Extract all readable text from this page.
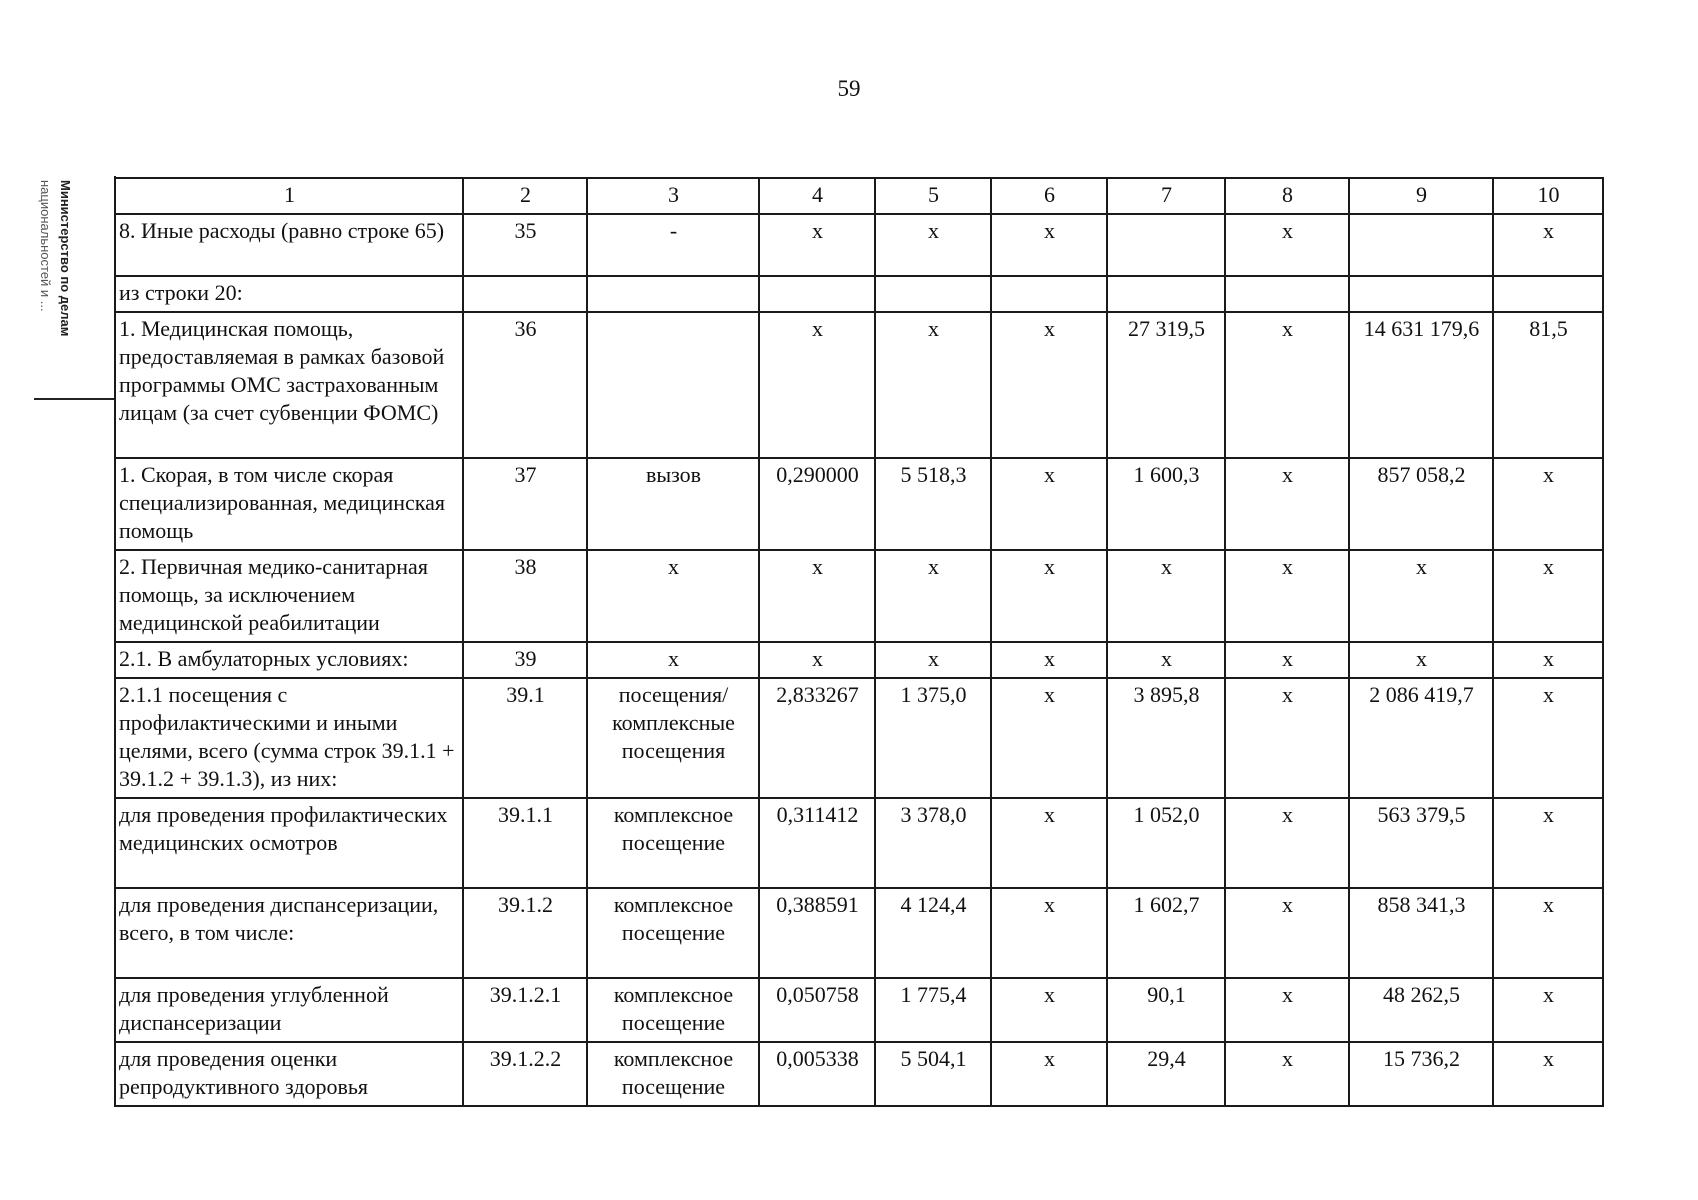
59
Министерство по делам
национальностей и ...	1	2	3	4	5	6	7	8	9	10
8. Иные расходы (равно строке 65)	35	-	х	х	х		х		х
из строки 20:									
1. Медицинская помощь, предоставляемая в рамках базовой программы ОМС застрахованным лицам (за счет субвенции ФОМС)	36		х	х	х	27 319,5	х	14 631 179,6	81,5
1. Скорая, в том числе скорая специализированная, медицинская помощь	37	вызов	0,290000	5 518,3	х	1 600,3	х	857 058,2	х
2. Первичная медико-санитарная помощь, за исключением медицинской реабилитации	38	х	х	х	х	х	х	х	х
2.1. В амбулаторных условиях:	39	х	х	х	х	х	х	х	х
2.1.1 посещения с профилактическими и иными целями, всего (сумма строк 39.1.1 + 39.1.2 + 39.1.3), из них:	39.1	посещения/ комплексные посещения	2,833267	1 375,0	х	3 895,8	х	2 086 419,7	х
для проведения профилактических медицинских осмотров	39.1.1	комплексное посещение	0,311412	3 378,0	х	1 052,0	х	563 379,5	х
для проведения диспансеризации, всего, в том числе:	39.1.2	комплексное посещение	0,388591	4 124,4	х	1 602,7	х	858 341,3	х
для проведения углубленной диспансеризации	39.1.2.1	комплексное посещение	0,050758	1 775,4	х	90,1	х	48 262,5	х
для проведения оценки репродуктивного здоровья	39.1.2.2	комплексное посещение	0,005338	5 504,1	х	29,4	х	15 736,2	х
